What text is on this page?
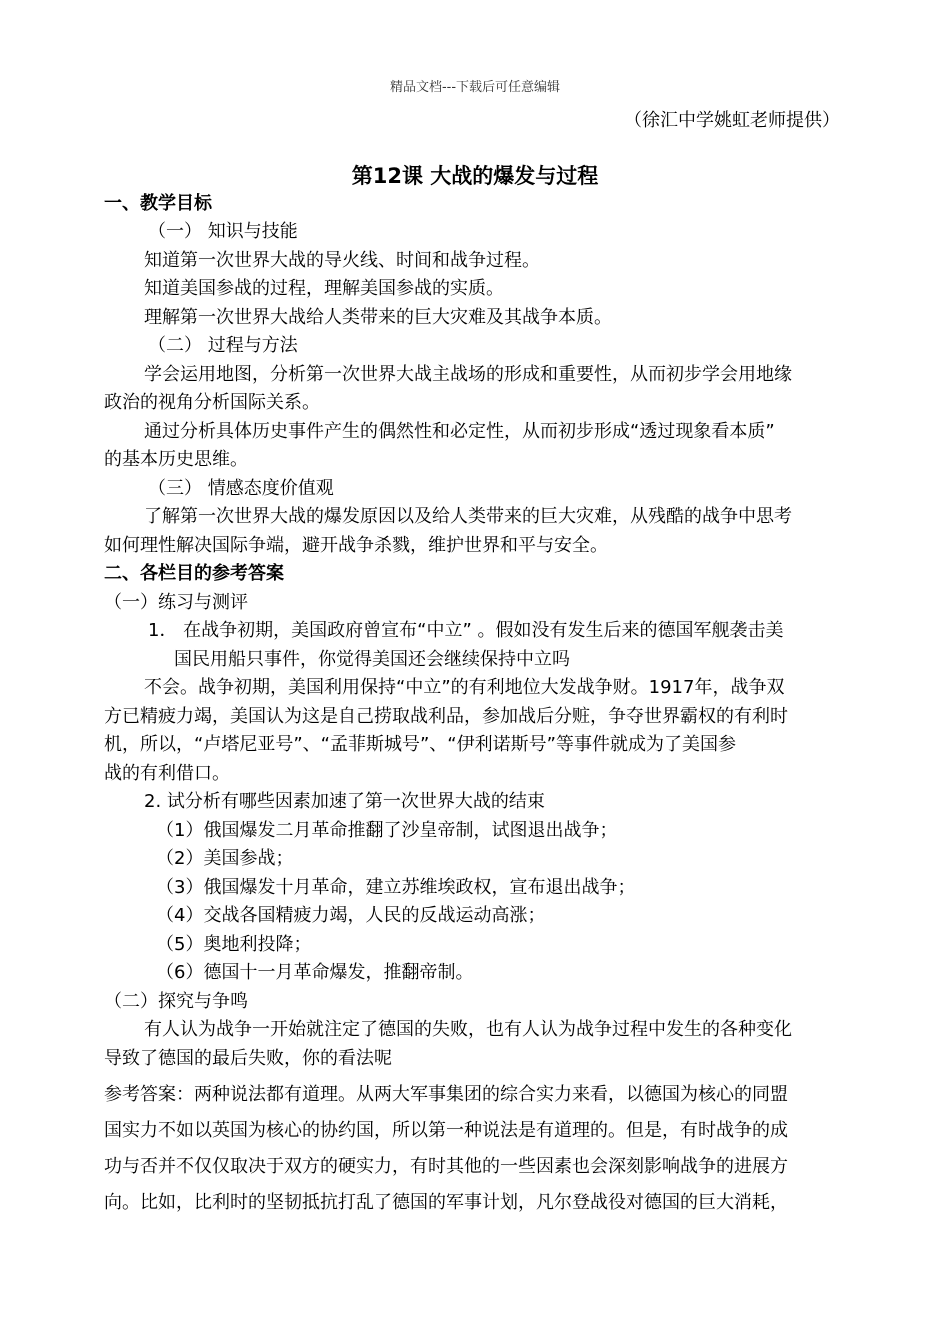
精品文档---下载后可任意编辑
（徐汇中学姚虹老师提供）
第12课 大战的爆发与过程
一、教学目标
（一） 知识与技能
知道第一次世界大战的导火线、时间和战争过程。
知道美国参战的过程，理解美国参战的实质。
理解第一次世界大战给人类带来的巨大灾难及其战争本质。
（二） 过程与方法
学会运用地图，分析第一次世界大战主战场的形成和重要性，从而初步学会用地缘
政治的视角分析国际关系。
通过分析具体历史事件产生的偶然性和必定性，从而初步形成“透过现象看本质”
的基本历史思维。
（三） 情感态度价值观
了解第一次世界大战的爆发原因以及给人类带来的巨大灾难，从残酷的战争中思考
如何理性解决国际争端，避开战争杀戮，维护世界和平与安全。
二、各栏目的参考答案
（一）练习与测评
1． 在战争初期，美国政府曾宣布“中立” 。假如没有发生后来的德国军舰袭击美
国民用船只事件，你觉得美国还会继续保持中立吗
不会。战争初期，美国利用保持“中立”的有利地位大发战争财。1917年，战争双
方已精疲力竭，美国认为这是自己捞取战利品，参加战后分赃，争夺世界霸权的有利时
机，所以，“卢塔尼亚号”、“孟菲斯城号”、“伊利诺斯号”等事件就成为了美国参
战的有利借口。
2. 试分析有哪些因素加速了第一次世界大战的结束
（1）俄国爆发二月革命推翻了沙皇帝制，试图退出战争；
（2）美国参战；
（3）俄国爆发十月革命，建立苏维埃政权，宣布退出战争；
（4）交战各国精疲力竭，人民的反战运动高涨；
（5）奥地利投降；
（6）德国十一月革命爆发，推翻帝制。
（二）探究与争鸣
有人认为战争一开始就注定了德国的失败，也有人认为战争过程中发生的各种变化
导致了德国的最后失败，你的看法呢
参考答案：两种说法都有道理。从两大军事集团的综合实力来看，以德国为核心的同盟
国实力不如以英国为核心的协约国，所以第一种说法是有道理的。但是，有时战争的成
功与否并不仅仅取决于双方的硬实力，有时其他的一些因素也会深刻影响战争的进展方
向。比如，比利时的坚韧抵抗打乱了德国的军事计划，凡尔登战役对德国的巨大消耗，
